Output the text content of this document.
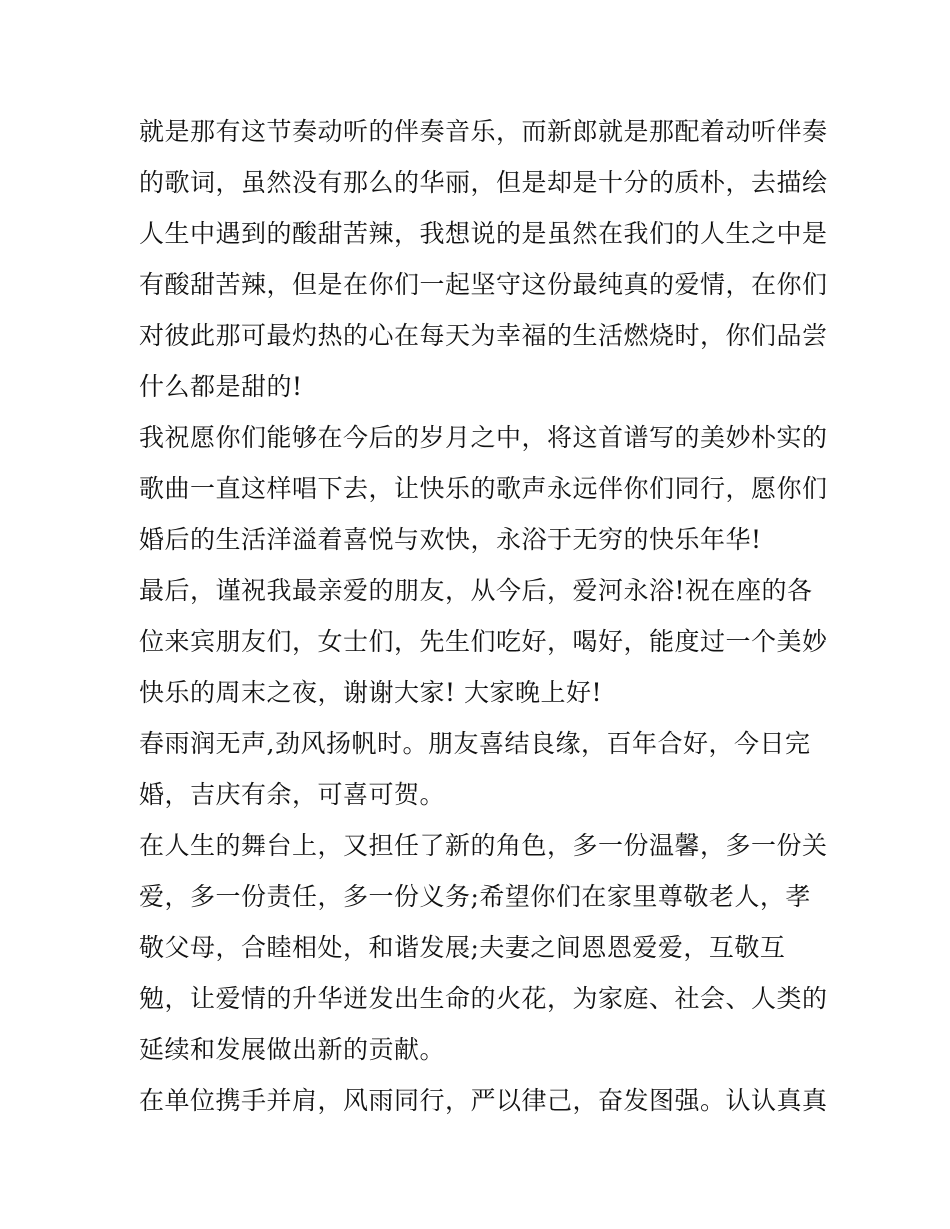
就是那有这节奏动听的伴奏音乐，而新郎就是那配着动听伴奏
的歌词，虽然没有那么的华丽，但是却是十分的质朴，去描绘
人生中遇到的酸甜苦辣，我想说的是虽然在我们的人生之中是
有酸甜苦辣，但是在你们一起坚守这份最纯真的爱情，在你们
对彼此那可最灼热的心在每天为幸福的生活燃烧时，你们品尝
什么都是甜的!
我祝愿你们能够在今后的岁月之中，将这首谱写的美妙朴实的
歌曲一直这样唱下去，让快乐的歌声永远伴你们同行，愿你们
婚后的生活洋溢着喜悦与欢快，永浴于无穷的快乐年华!
最后，谨祝我最亲爱的朋友，从今后，爱河永浴!祝在座的各
位来宾朋友们，女士们，先生们吃好，喝好，能度过一个美妙
快乐的周末之夜，谢谢大家! 大家晚上好!
春雨润无声,劲风扬帆时。朋友喜结良缘，百年合好，今日完
婚，吉庆有余，可喜可贺。
在人生的舞台上，又担任了新的角色，多一份温馨，多一份关
爱，多一份责任，多一份义务;希望你们在家里尊敬老人，孝
敬父母，合睦相处，和谐发展;夫妻之间恩恩爱爱，互敬互
勉，让爱情的升华迸发出生命的火花，为家庭、社会、人类的
延续和发展做出新的贡献。
在单位携手并肩，风雨同行，严以律己，奋发图强。认认真真
